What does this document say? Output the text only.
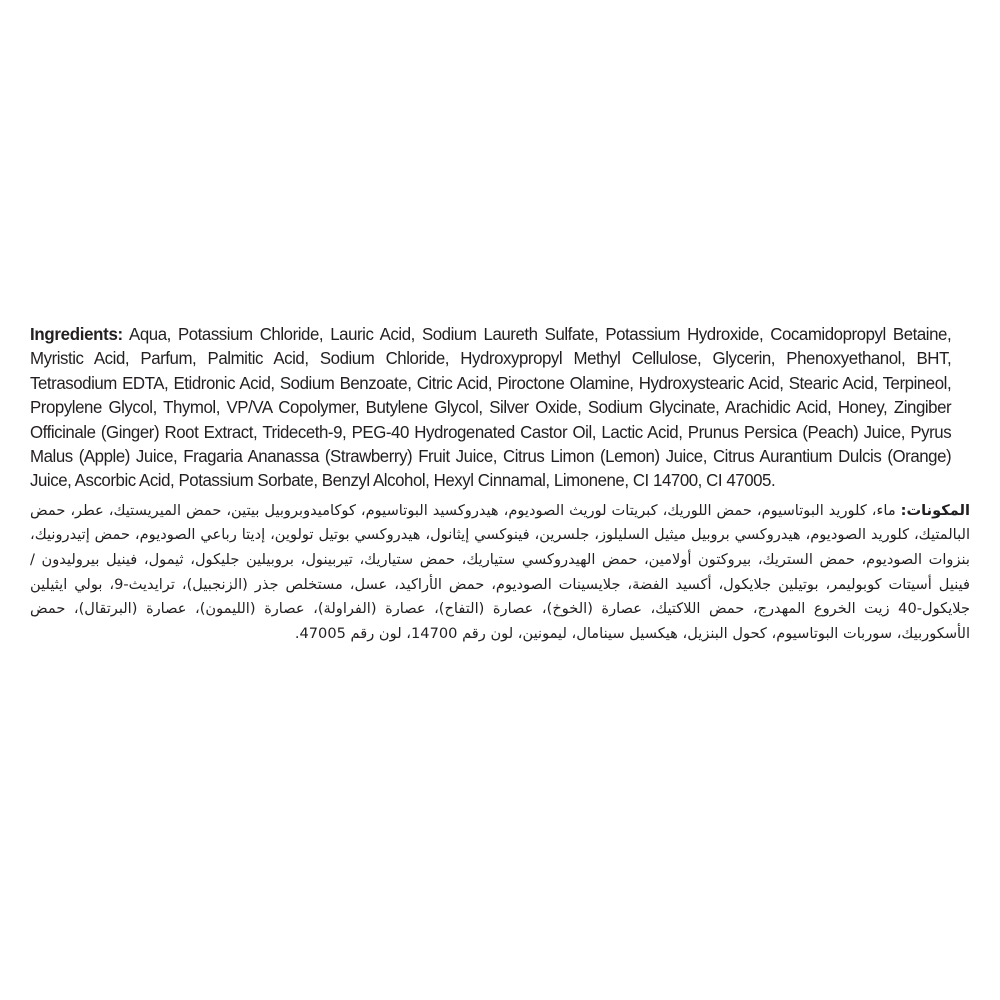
Ingredients: Aqua, Potassium Chloride, Lauric Acid, Sodium Laureth Sulfate, Potassium Hydroxide, Cocamidopropyl Betaine, Myristic Acid, Parfum, Palmitic Acid, Sodium Chloride, Hydroxypropyl Methyl Cellulose, Glycerin, Phenoxyethanol, BHT, Tetrasodium EDTA, Etidronic Acid, Sodium Benzoate, Citric Acid, Piroctone Olamine, Hydroxystearic Acid, Stearic Acid, Terpineol, Propylene Glycol, Thymol, VP/VA Copolymer, Butylene Glycol, Silver Oxide, Sodium Glycinate, Arachidic Acid, Honey, Zingiber Officinale (Ginger) Root Extract, Trideceth-9, PEG-40 Hydrogenated Castor Oil, Lactic Acid, Prunus Persica (Peach) Juice, Pyrus Malus (Apple) Juice, Fragaria Ananassa (Strawberry) Fruit Juice, Citrus Limon (Lemon) Juice, Citrus Aurantium Dulcis (Orange) Juice, Ascorbic Acid, Potassium Sorbate, Benzyl Alcohol, Hexyl Cinnamal, Limonene, CI 14700, CI 47005.

المكونات: ماء، كلوريد البوتاسيوم، حمض اللوريك، كبريتات لوريث الصوديوم، هيدروكسيد البوتاسيوم، كوكاميدوبروبيل بيتين، حمض الميريستيك، عطر، حمض البالمتيك، كلوريد الصوديوم، هيدروكسي بروبيل ميثيل السليلوز، جلسرين، فينوكسي إيثانول، هيدروكسي بوتيل تولوين، إديتا رباعي الصوديوم، حمض إتيدرونيك، بنزوات الصوديوم، حمض الستريك، بيروكتون أولامين، حمض الهيدروكسي ستياريك، حمض ستياريك، تيربينول، بروبيلين جليكول، ثيمول، فينيل بيروليدون / فينيل أسيتات كوبوليمر، بوتيلين جلايكول، أكسيد الفضة، جلايسينات الصوديوم، حمض الأراكيد، عسل، مستخلص جذر (الزنجبيل)، ترايديث-9، بولي ايثيلين جلايكول-40 زيت الخروع المهدرج، حمض اللاكتيك، عصارة (الخوخ)، عصارة (التفاح)، عصارة (الفراولة)، عصارة (الليمون)، عصارة (البرتقال)، حمض الأسكوربيك، سوربات البوتاسيوم، كحول البنزيل، هيكسيل سينامال، ليمونين، لون رقم 14700، لون رقم 47005.
